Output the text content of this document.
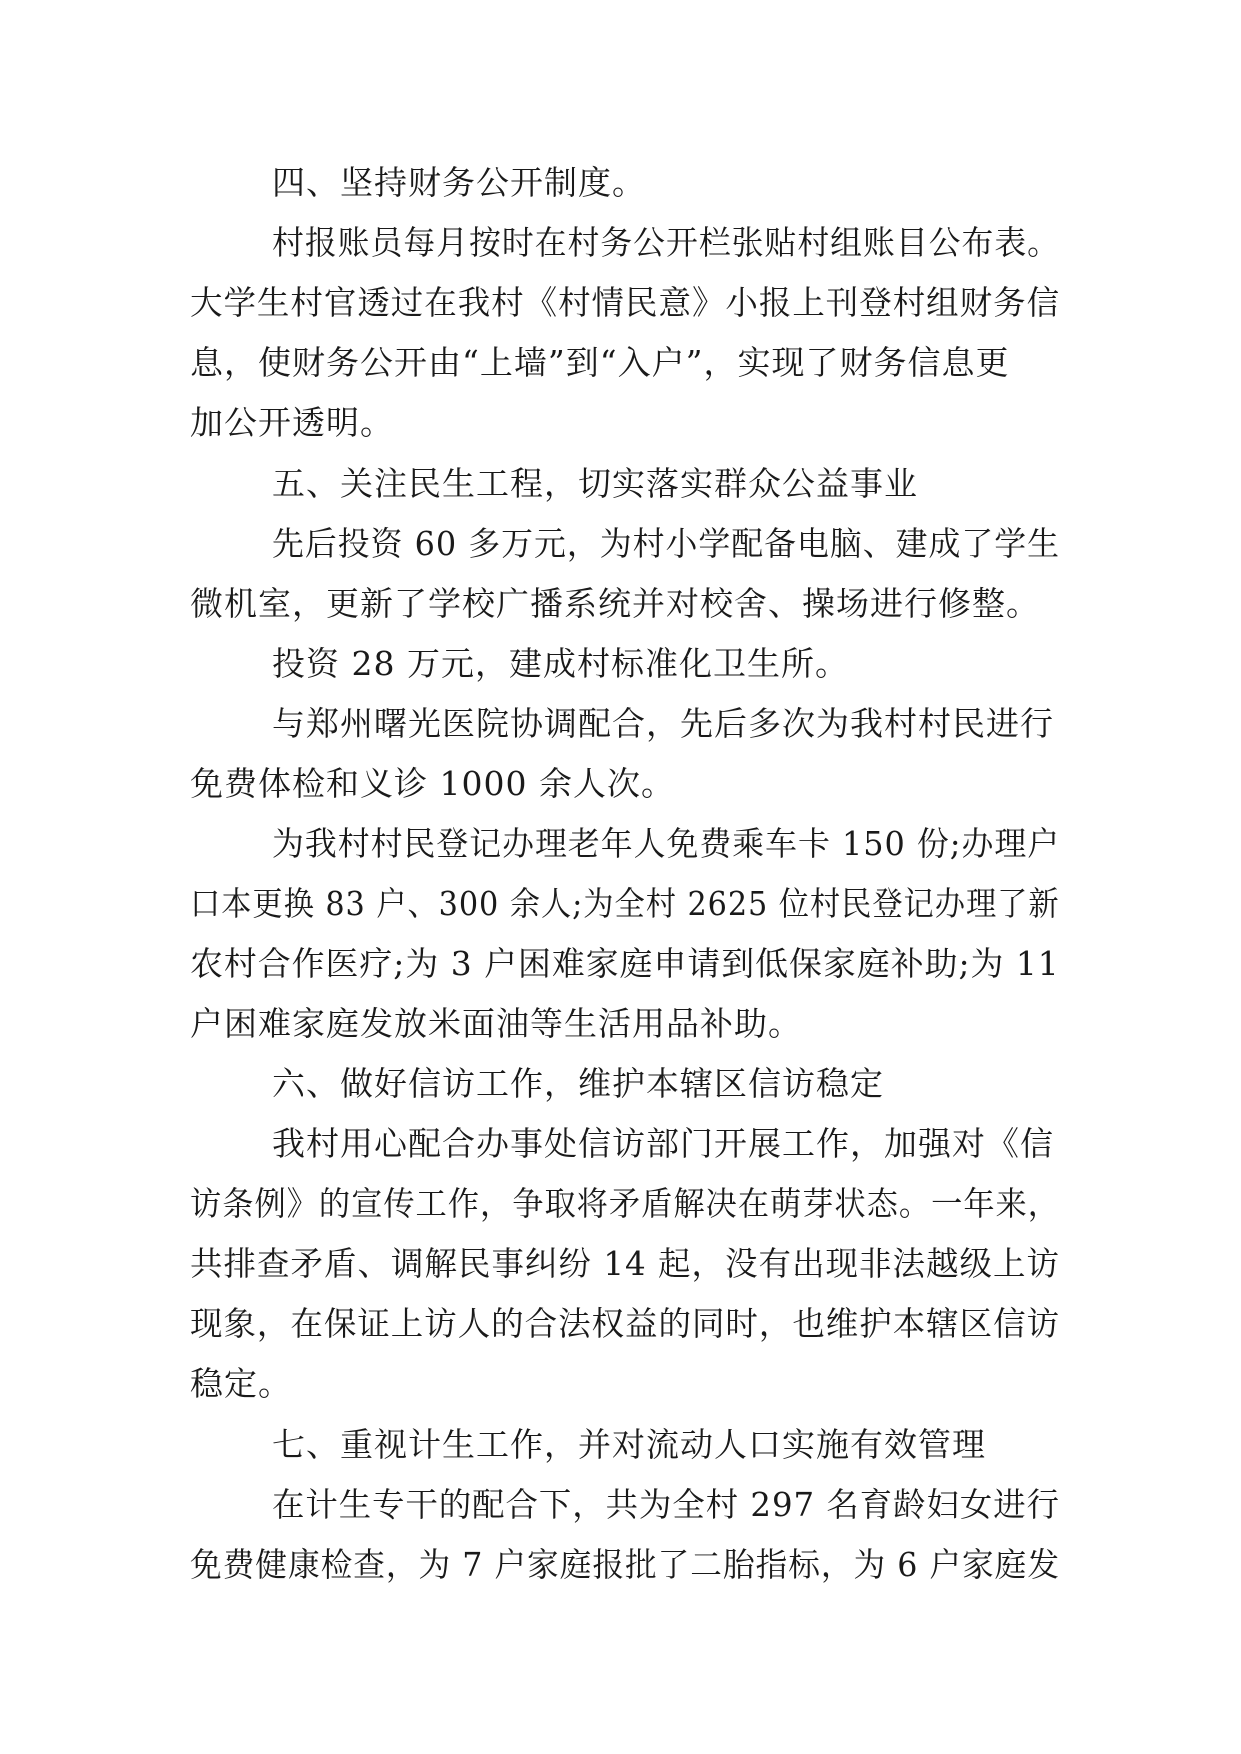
四、坚持财务公开制度。
村报账员每月按时在村务公开栏张贴村组账目公布表。
大学生村官透过在我村《村情民意》小报上刊登村组财务信
息，使财务公开由“上墙”到“入户”，实现了财务信息更
加公开透明。
五、关注民生工程，切实落实群众公益事业
先后投资 60 多万元，为村小学配备电脑、建成了学生
微机室，更新了学校广播系统并对校舍、操场进行修整。
投资 28 万元，建成村标准化卫生所。
与郑州曙光医院协调配合，先后多次为我村村民进行
免费体检和义诊 1000 余人次。
为我村村民登记办理老年人免费乘车卡 150 份;办理户
口本更换 83 户、300 余人;为全村 2625 位村民登记办理了新
农村合作医疗;为 3 户困难家庭申请到低保家庭补助;为 11
户困难家庭发放米面油等生活用品补助。
六、做好信访工作，维护本辖区信访稳定
我村用心配合办事处信访部门开展工作，加强对《信
访条例》的宣传工作，争取将矛盾解决在萌芽状态。一年来，
共排查矛盾、调解民事纠纷 14 起，没有出现非法越级上访
现象，在保证上访人的合法权益的同时，也维护本辖区信访
稳定。
七、重视计生工作，并对流动人口实施有效管理
在计生专干的配合下，共为全村 297 名育龄妇女进行
免费健康检查，为 7 户家庭报批了二胎指标，为 6 户家庭发
